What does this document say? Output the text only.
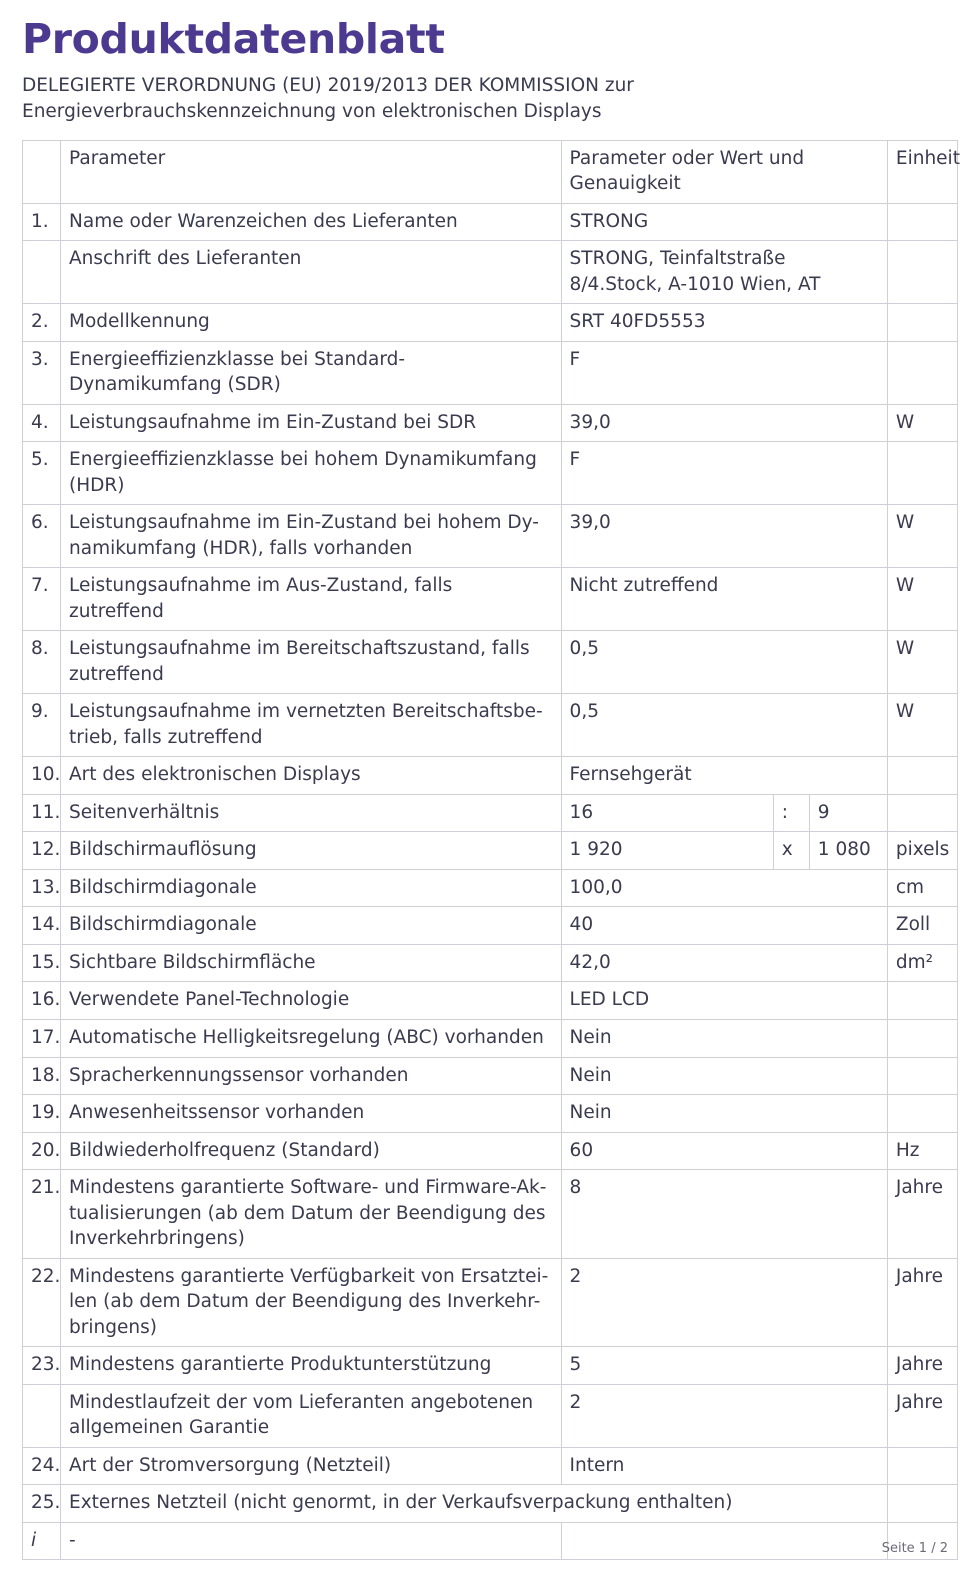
Produktdatenblatt

DELEGIERTE VERORDNUNG (EU) 2019/2013 DER KOMMISSION zur Energieverbrauchskennzeichnung von elektronischen Displays

	Parameter	Parameter oder Wert und Genauigkeit			Einheit
1.	Name oder Warenzeichen des Lieferanten	STRONG			
	Anschrift des Lieferanten	STRONG, Teinfaltstraße 8/4.Stock, A-1010 Wien, AT			
2.	Modellkennung	SRT 40FD5553			
3.	Energieeffizienzklasse bei Standard-Dynamikumfang (SDR)	F			
4.	Leistungsaufnahme im Ein-Zustand bei SDR	39,0			W
5.	Energieeffizienzklasse bei hohem Dynamikumfang (HDR)	F			
6.	Leistungsaufnahme im Ein-Zustand bei hohem Dy-namikumfang (HDR), falls vorhanden	39,0			W
7.	Leistungsaufnahme im Aus-Zustand, falls zutreffend	Nicht zutreffend			W
8.	Leistungsaufnahme im Bereitschaftszustand, falls zutreffend	0,5			W
9.	Leistungsaufnahme im vernetzten Bereitschaftsbe-trieb, falls zutreffend	0,5			W
10.	Art des elektronischen Displays	Fernsehgerät			
11.	Seitenverhältnis	16	:	9	
12.	Bildschirmauflösung	1 920	x	1 080	pixels
13.	Bildschirmdiagonale	100,0			cm
14.	Bildschirmdiagonale	40			Zoll
15.	Sichtbare Bildschirmfläche	42,0			dm²
16.	Verwendete Panel-Technologie	LED LCD			
17.	Automatische Helligkeitsregelung (ABC) vorhanden	Nein			
18.	Spracherkennungssensor vorhanden	Nein			
19.	Anwesenheitssensor vorhanden	Nein			
20.	Bildwiederholfrequenz (Standard)	60			Hz
21.	Mindestens garantierte Software- und Firmware-Ak-tualisierungen (ab dem Datum der Beendigung des Inverkehrbringens)	8			Jahre
22.	Mindestens garantierte Verfügbarkeit von Ersatztei-len (ab dem Datum der Beendigung des Inverkehr-bringens)	2			Jahre
23.	Mindestens garantierte Produktunterstützung	5			Jahre
	Mindestlaufzeit der vom Lieferanten angebotenen allgemeinen Garantie	2			Jahre
24.	Art der Stromversorgung (Netzteil)	Intern			
25.	Externes Netzteil (nicht genormt, in der Verkaufsverpackung enthalten)				
i	-					Seite 1 / 2
